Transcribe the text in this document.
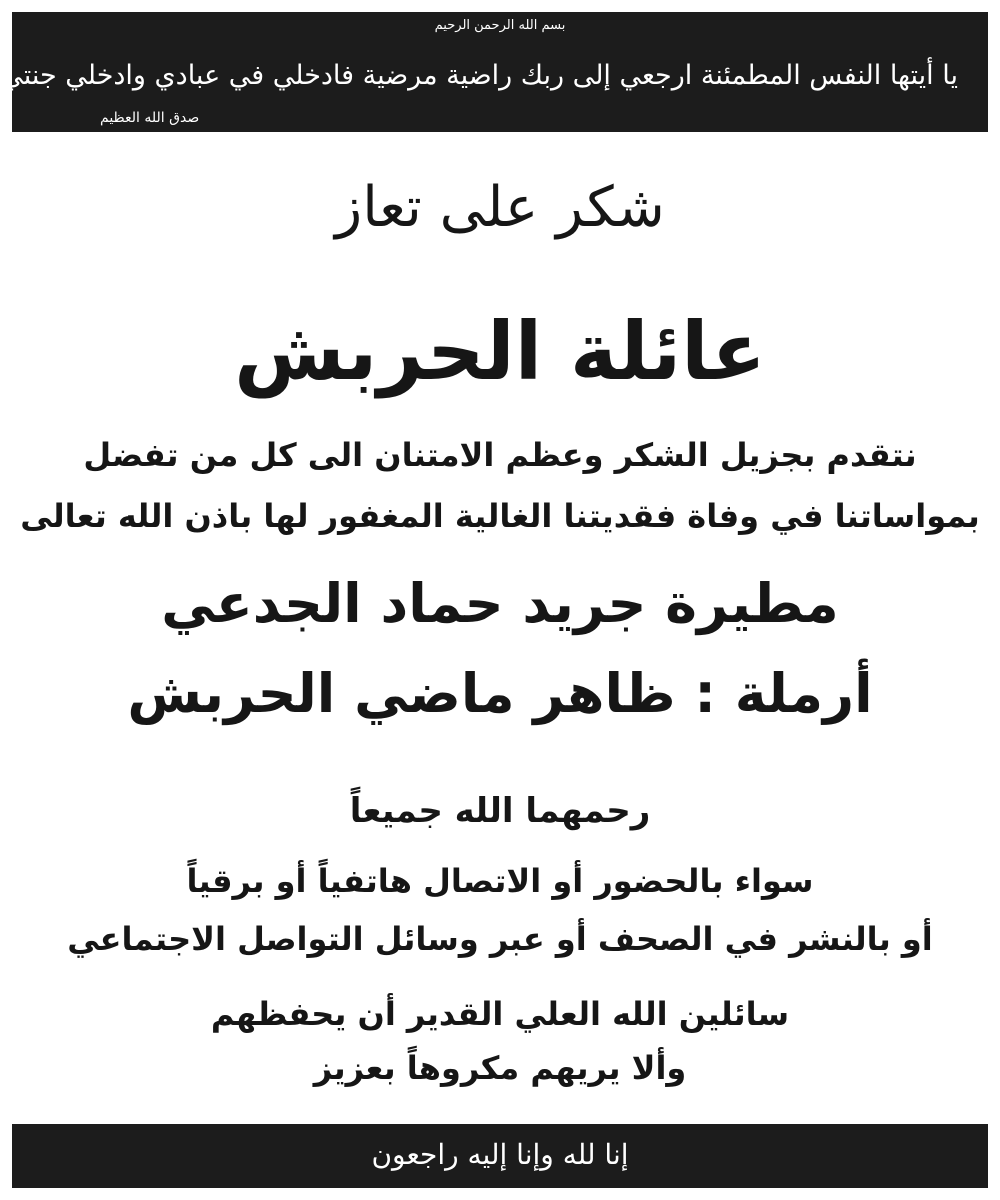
بسم الله الرحمن الرحيم
يا أيتها النفس المطمئنة ارجعي إلى ربك راضية مرضية فادخلي في عبادي وادخلي جنتي
صدق الله العظيم
شكر على تعاز
عائلة الحربش
نتقدم بجزيل الشكر وعظم الامتنان الى كل من تفضل
بمواساتنا في وفاة فقديتنا الغالية المغفور لها باذن الله تعالى
مطيرة جريد حماد الجدعي
أرملة : ظاهر ماضي الحربش
رحمهما الله جميعاً
سواء بالحضور أو الاتصال هاتفياً أو برقياً
أو بالنشر في الصحف أو عبر وسائل التواصل الاجتماعي
سائلين الله العلي القدير أن يحفظهم
وألا يريهم مكروهاً بعزيز
إنا لله وإنا إليه راجعون
